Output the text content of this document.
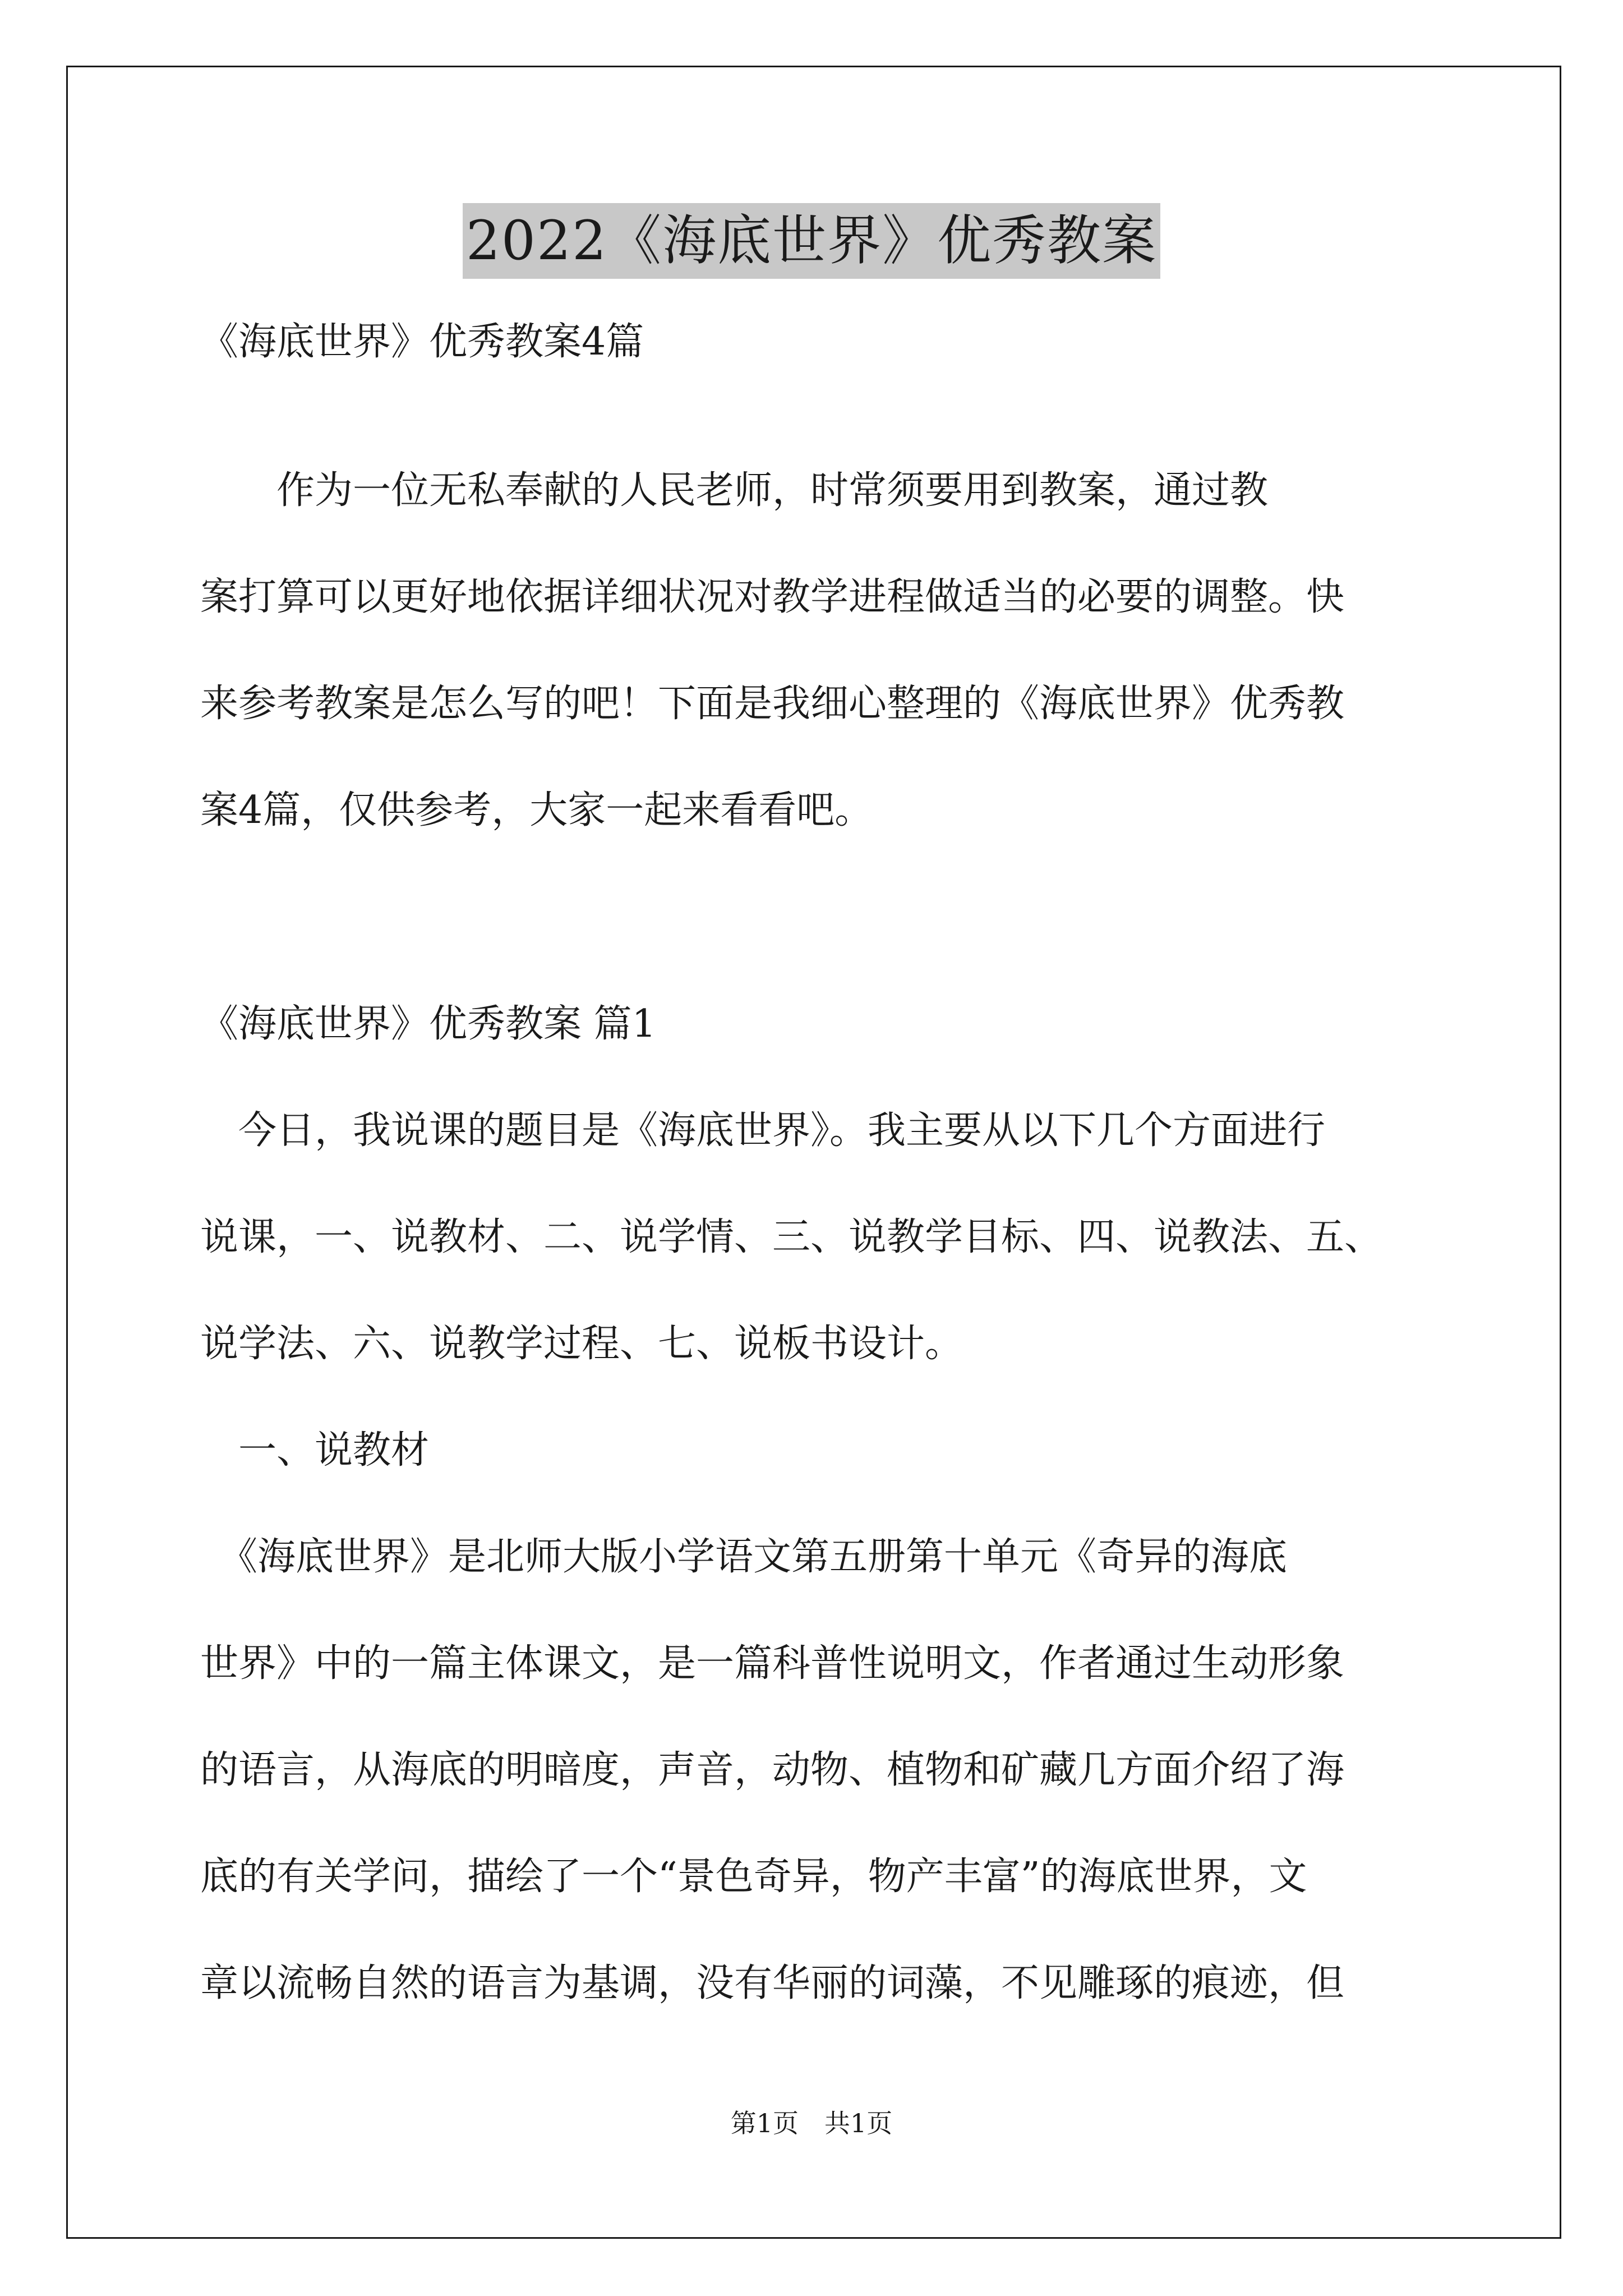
2022《海底世界》优秀教案
《海底世界》优秀教案4篇
　　作为一位无私奉献的人民老师，时常须要用到教案，通过教
案打算可以更好地依据详细状况对教学进程做适当的必要的调整。快
来参考教案是怎么写的吧！下面是我细心整理的《海底世界》优秀教
案4篇，仅供参考，大家一起来看看吧。
《海底世界》优秀教案 篇1
　今日，我说课的题目是《海底世界》。我主要从以下几个方面进行
说课，一、说教材、二、说学情、三、说教学目标、四、说教法、五、
说学法、六、说教学过程、七、说板书设计。
　一、说教材
　《海底世界》是北师大版小学语文第五册第十单元《奇异的海底
世界》中的一篇主体课文，是一篇科普性说明文，作者通过生动形象
的语言，从海底的明暗度，声音，动物、植物和矿藏几方面介绍了海
底的有关学问，描绘了一个“景色奇异，物产丰富”的海底世界，文
章以流畅自然的语言为基调，没有华丽的词藻，不见雕琢的痕迹，但
第1页　共1页
